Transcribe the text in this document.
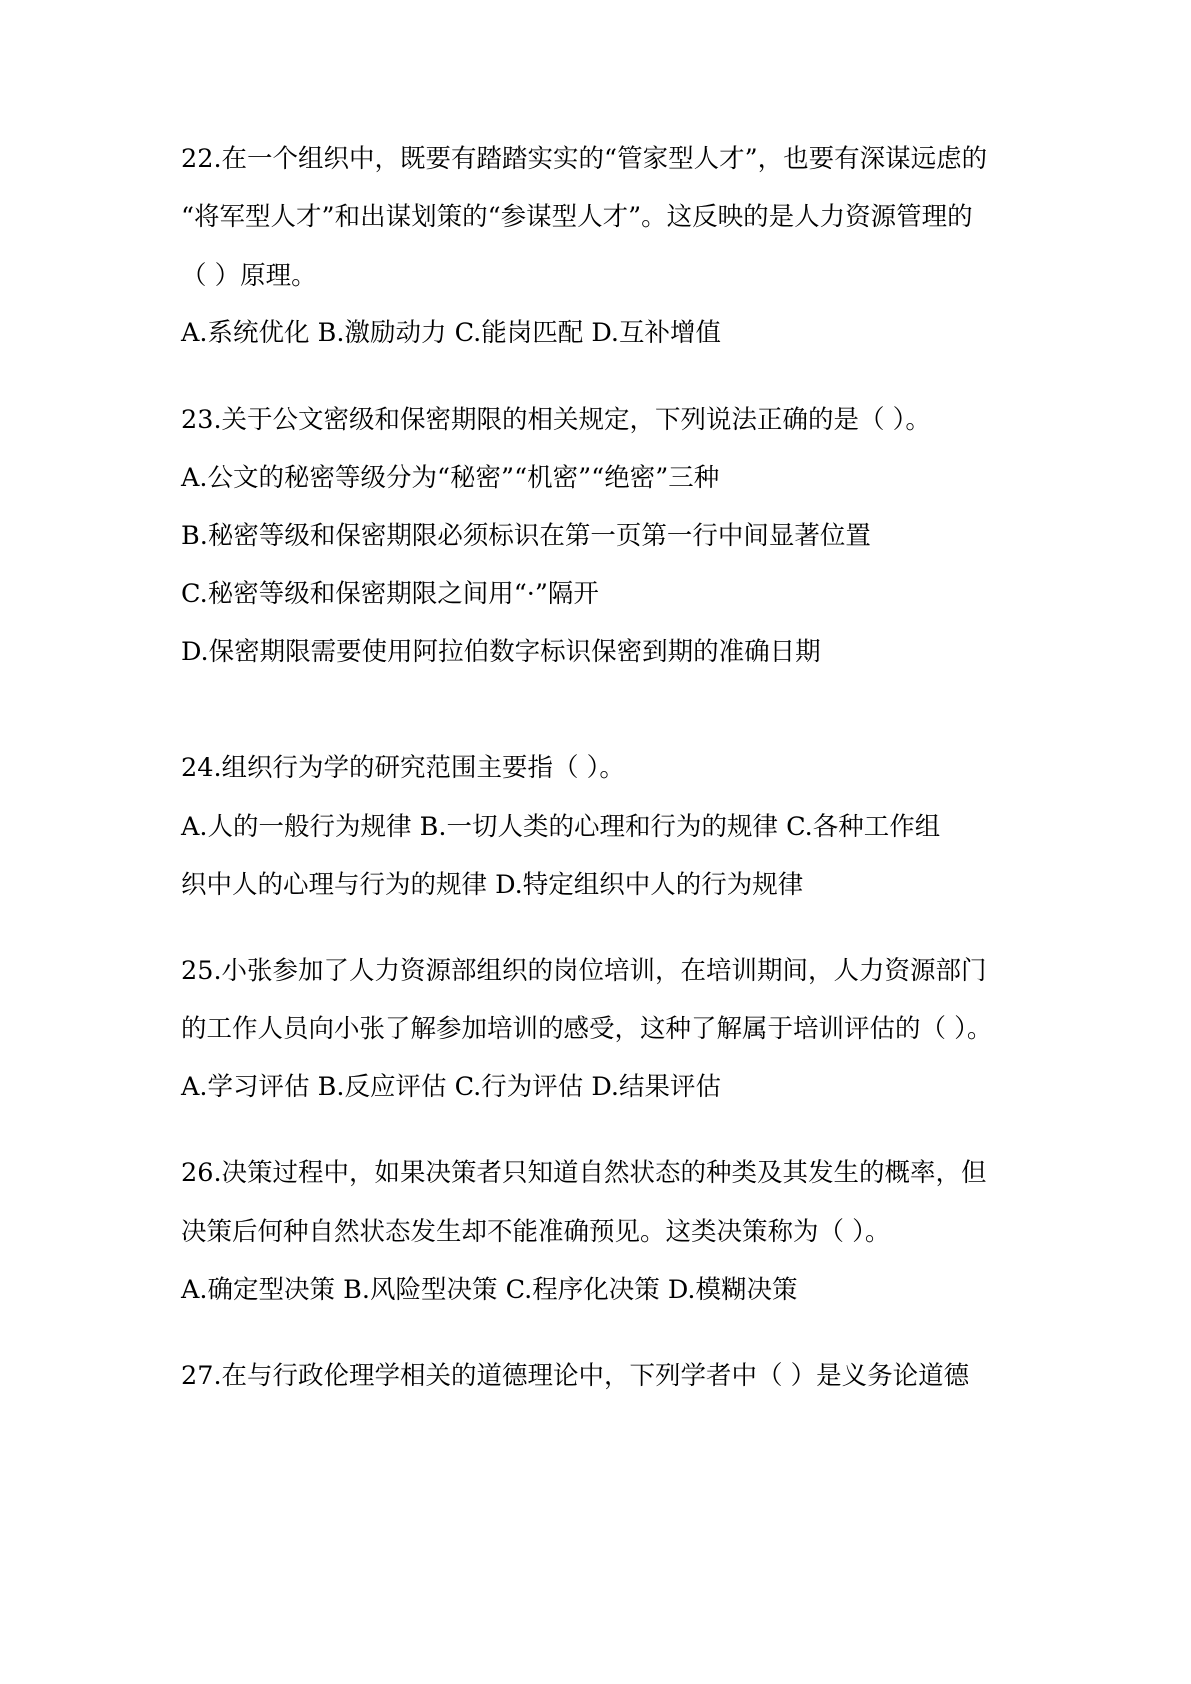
22.在一个组织中，既要有踏踏实实的“管家型人才”，也要有深谋远虑的
“将军型人才”和出谋划策的“参谋型人才”。这反映的是人力资源管理的
（ ）原理。
A.系统优化 B.激励动力 C.能岗匹配 D.互补增值
23.关于公文密级和保密期限的相关规定，下列说法正确的是（ ）。
A.公文的秘密等级分为“秘密”“机密”“绝密”三种
B.秘密等级和保密期限必须标识在第一页第一行中间显著位置
C.秘密等级和保密期限之间用“·”隔开
D.保密期限需要使用阿拉伯数字标识保密到期的准确日期
24.组织行为学的研究范围主要指（ ）。
A.人的一般行为规律 B.一切人类的心理和行为的规律 C.各种工作组
织中人的心理与行为的规律 D.特定组织中人的行为规律
25.小张参加了人力资源部组织的岗位培训，在培训期间，人力资源部门
的工作人员向小张了解参加培训的感受，这种了解属于培训评估的（ ）。
A.学习评估 B.反应评估 C.行为评估 D.结果评估
26.决策过程中，如果决策者只知道自然状态的种类及其发生的概率，但
决策后何种自然状态发生却不能准确预见。这类决策称为（ ）。
A.确定型决策 B.风险型决策 C.程序化决策 D.模糊决策
27.在与行政伦理学相关的道德理论中，下列学者中（ ）是义务论道德
